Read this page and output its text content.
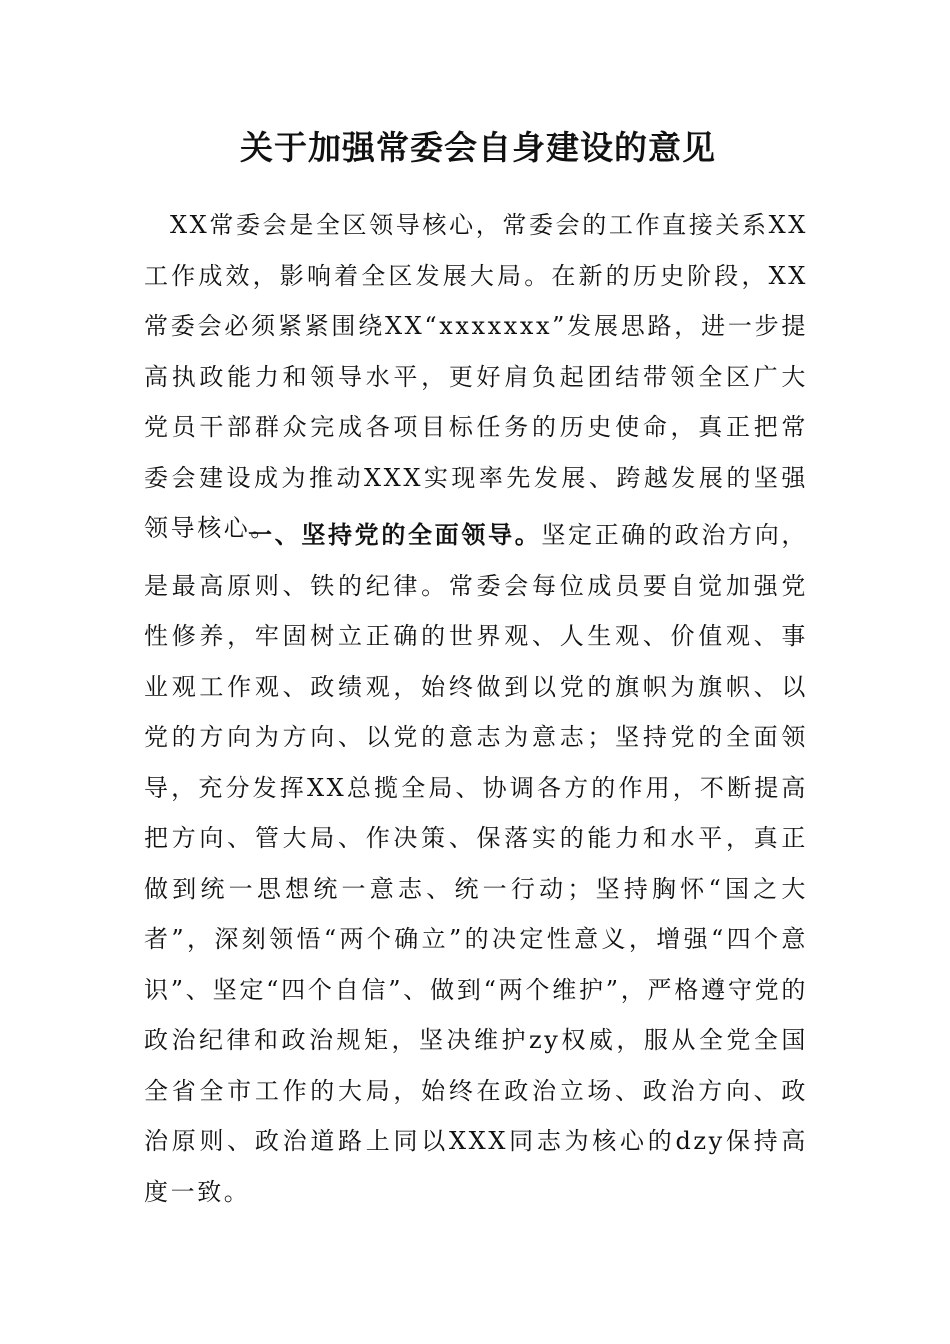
关于加强常委会自身建设的意见

XX常委会是全区领导核心，常委会的工作直接关系XX工作成效，影响着全区发展大局。在新的历史阶段，XX常委会必须紧紧围绕XX“xxxxxxx”发展思路，进一步提高执政能力和领导水平，更好肩负起团结带领全区广大党员干部群众完成各项目标任务的历史使命，真正把常委会建设成为推动XXX实现率先发展、跨越发展的坚强领导核心。

一、坚持党的全面领导。坚定正确的政治方向，是最高原则、铁的纪律。常委会每位成员要自觉加强党性修养，牢固树立正确的世界观、人生观、价值观、事业观工作观、政绩观，始终做到以党的旗帜为旗帜、以党的方向为方向、以党的意志为意志；坚持党的全面领导，充分发挥XX总揽全局、协调各方的作用，不断提高把方向、管大局、作决策、保落实的能力和水平，真正做到统一思想统一意志、统一行动；坚持胸怀“国之大者”，深刻领悟“两个确立”的决定性意义，增强“四个意识”、坚定“四个自信”、做到“两个维护”，严格遵守党的政治纪律和政治规矩，坚决维护zy权威，服从全党全国全省全市工作的大局，始终在政治立场、政治方向、政治原则、政治道路上同以XXX同志为核心的dzy保持高度一致。
